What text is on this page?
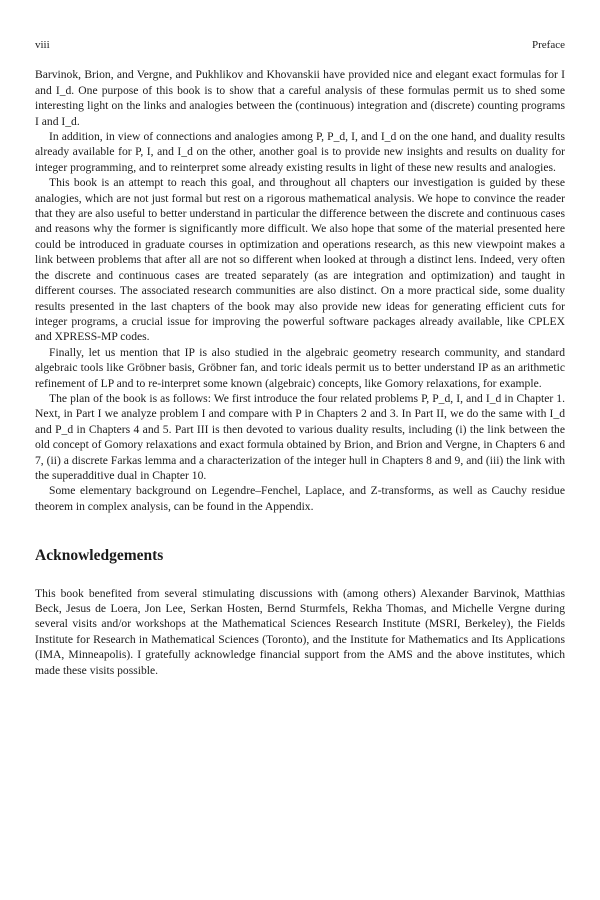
viii	Preface

Barvinok, Brion, and Vergne, and Pukhlikov and Khovanskii have provided nice and elegant exact formulas for I and I_d. One purpose of this book is to show that a careful analysis of these formulas permit us to shed some interesting light on the links and analogies between the (continuous) integration and (discrete) counting programs I and I_d.

In addition, in view of connections and analogies among P, P_d, I, and I_d on the one hand, and duality results already available for P, I, and I_d on the other, another goal is to provide new insights and results on duality for integer programming, and to reinterpret some already existing results in light of these new results and analogies.

This book is an attempt to reach this goal, and throughout all chapters our investigation is guided by these analogies, which are not just formal but rest on a rigorous mathematical analysis. We hope to convince the reader that they are also useful to better understand in particular the difference between the discrete and continuous cases and reasons why the former is significantly more difficult. We also hope that some of the material presented here could be introduced in graduate courses in optimization and operations research, as this new viewpoint makes a link between problems that after all are not so different when looked at through a distinct lens. Indeed, very often the discrete and continuous cases are treated separately (as are integration and optimization) and taught in different courses. The associated research communities are also distinct. On a more practical side, some duality results presented in the last chapters of the book may also provide new ideas for generating efficient cuts for integer programs, a crucial issue for improving the powerful software packages already available, like CPLEX and XPRESS-MP codes.

Finally, let us mention that IP is also studied in the algebraic geometry research community, and standard algebraic tools like Gröbner basis, Gröbner fan, and toric ideals permit us to better understand IP as an arithmetic refinement of LP and to re-interpret some known (algebraic) concepts, like Gomory relaxations, for example.

The plan of the book is as follows: We first introduce the four related problems P, P_d, I, and I_d in Chapter 1. Next, in Part I we analyze problem I and compare with P in Chapters 2 and 3. In Part II, we do the same with I_d and P_d in Chapters 4 and 5. Part III is then devoted to various duality results, including (i) the link between the old concept of Gomory relaxations and exact formula obtained by Brion, and Brion and Vergne, in Chapters 6 and 7, (ii) a discrete Farkas lemma and a characterization of the integer hull in Chapters 8 and 9, and (iii) the link with the superadditive dual in Chapter 10.

Some elementary background on Legendre–Fenchel, Laplace, and Z-transforms, as well as Cauchy residue theorem in complex analysis, can be found in the Appendix.

Acknowledgements

This book benefited from several stimulating discussions with (among others) Alexander Barvinok, Matthias Beck, Jesus de Loera, Jon Lee, Serkan Hosten, Bernd Sturmfels, Rekha Thomas, and Michelle Vergne during several visits and/or workshops at the Mathematical Sciences Research Institute (MSRI, Berkeley), the Fields Institute for Research in Mathematical Sciences (Toronto), and the Institute for Mathematics and Its Applications (IMA, Minneapolis). I gratefully acknowledge financial support from the AMS and the above institutes, which made these visits possible.
